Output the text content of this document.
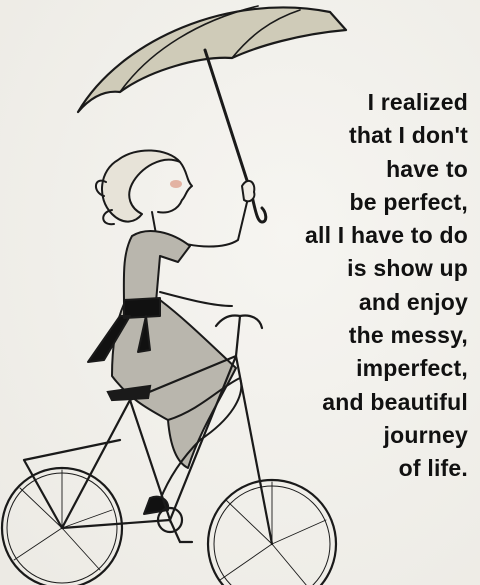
I realized
that I don't
have to
be perfect,
all I have to do
is show up
and enjoy
the messy,
imperfect,
and beautiful
journey
of life.
